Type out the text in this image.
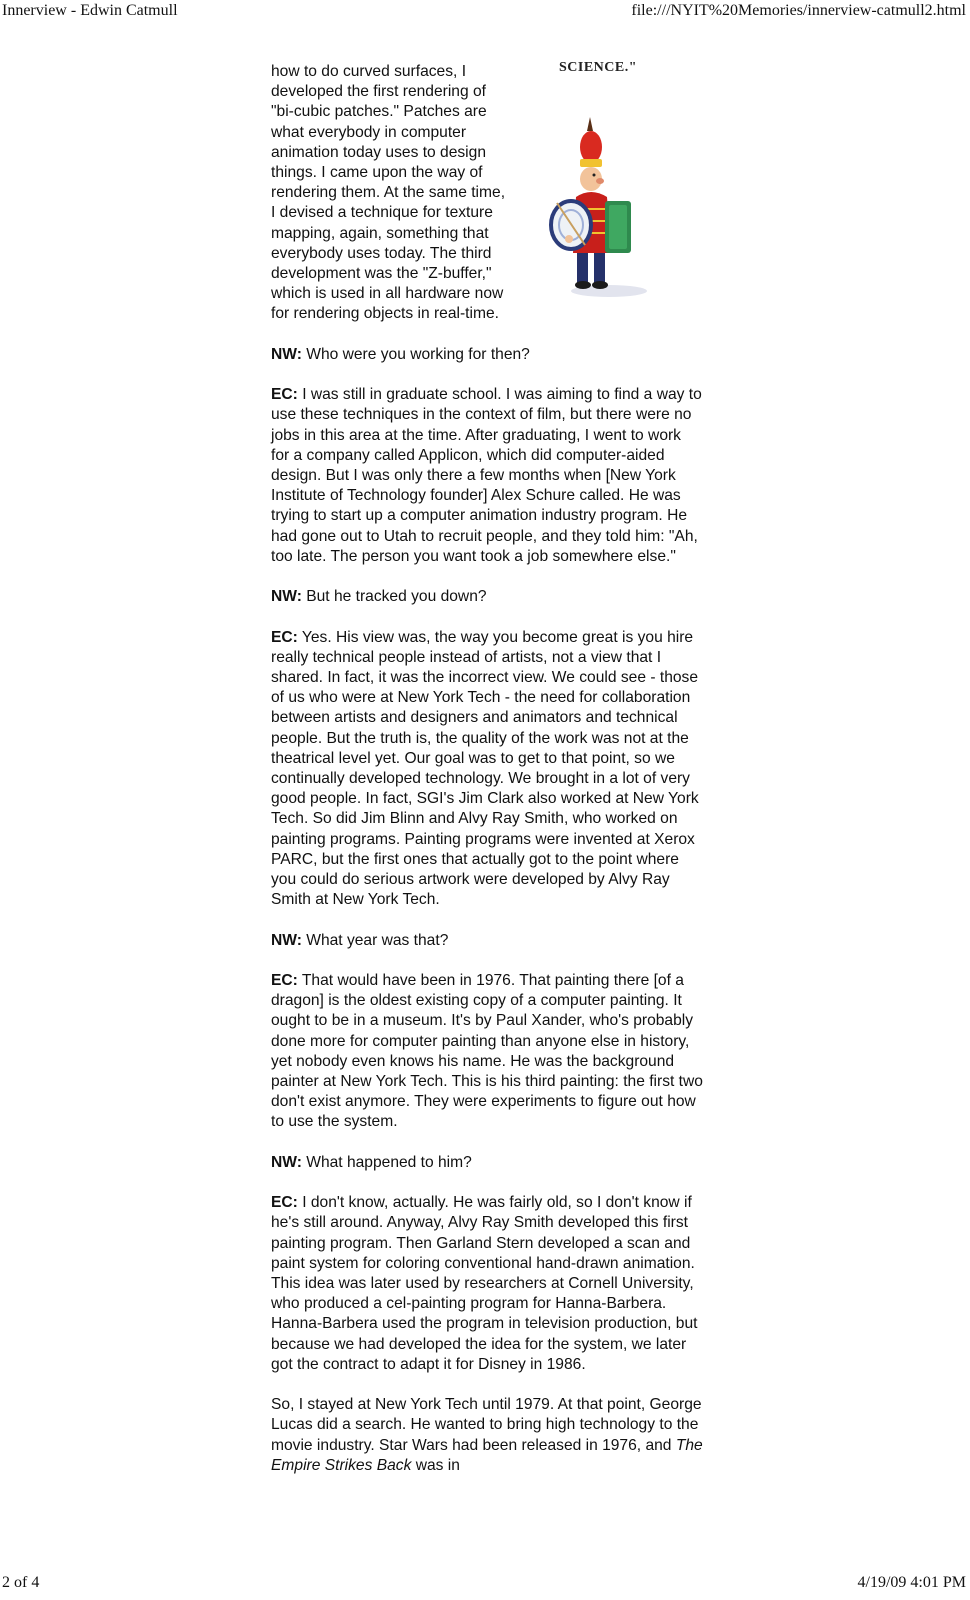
Innerview - Edwin Catmull	file:///NYIT%20Memories/innerview-catmull2.html
SCIENCE."

how to do curved surfaces, I developed the first rendering of "bi-cubic patches." Patches are what everybody in computer animation today uses to design things. I came upon the way of rendering them. At the same time, I devised a technique for texture mapping, again, something that everybody uses today. The third development was the "Z-buffer," which is used in all hardware now for rendering objects in real-time.

NW: Who were you working for then?

EC: I was still in graduate school. I was aiming to find a way to use these techniques in the context of film, but there were no jobs in this area at the time. After graduating, I went to work for a company called Applicon, which did computer-aided design. But I was only there a few months when [New York Institute of Technology founder] Alex Schure called. He was trying to start up a computer animation industry program. He had gone out to Utah to recruit people, and they told him: "Ah, too late. The person you want took a job somewhere else."

NW: But he tracked you down?

EC: Yes. His view was, the way you become great is you hire really technical people instead of artists, not a view that I shared. In fact, it was the incorrect view. We could see - those of us who were at New York Tech - the need for collaboration between artists and designers and animators and technical people. But the truth is, the quality of the work was not at the theatrical level yet. Our goal was to get to that point, so we continually developed technology. We brought in a lot of very good people. In fact, SGI's Jim Clark also worked at New York Tech. So did Jim Blinn and Alvy Ray Smith, who worked on painting programs. Painting programs were invented at Xerox PARC, but the first ones that actually got to the point where you could do serious artwork were developed by Alvy Ray Smith at New York Tech.

NW: What year was that?

EC: That would have been in 1976. That painting there [of a dragon] is the oldest existing copy of a computer painting. It ought to be in a museum. It's by Paul Xander, who's probably done more for computer painting than anyone else in history, yet nobody even knows his name. He was the background painter at New York Tech. This is his third painting: the first two don't exist anymore. They were experiments to figure out how to use the system.

NW: What happened to him?

EC: I don't know, actually. He was fairly old, so I don't know if he's still around. Anyway, Alvy Ray Smith developed this first painting program. Then Garland Stern developed a scan and paint system for coloring conventional hand-drawn animation. This idea was later used by researchers at Cornell University, who produced a cel-painting program for Hanna-Barbera. Hanna-Barbera used the program in television production, but because we had developed the idea for the system, we later got the contract to adapt it for Disney in 1986.

So, I stayed at New York Tech until 1979. At that point, George Lucas did a search. He wanted to bring high technology to the movie industry. Star Wars had been released in 1976, and The Empire Strikes Back was in

2 of 4	4/19/09 4:01 PM
